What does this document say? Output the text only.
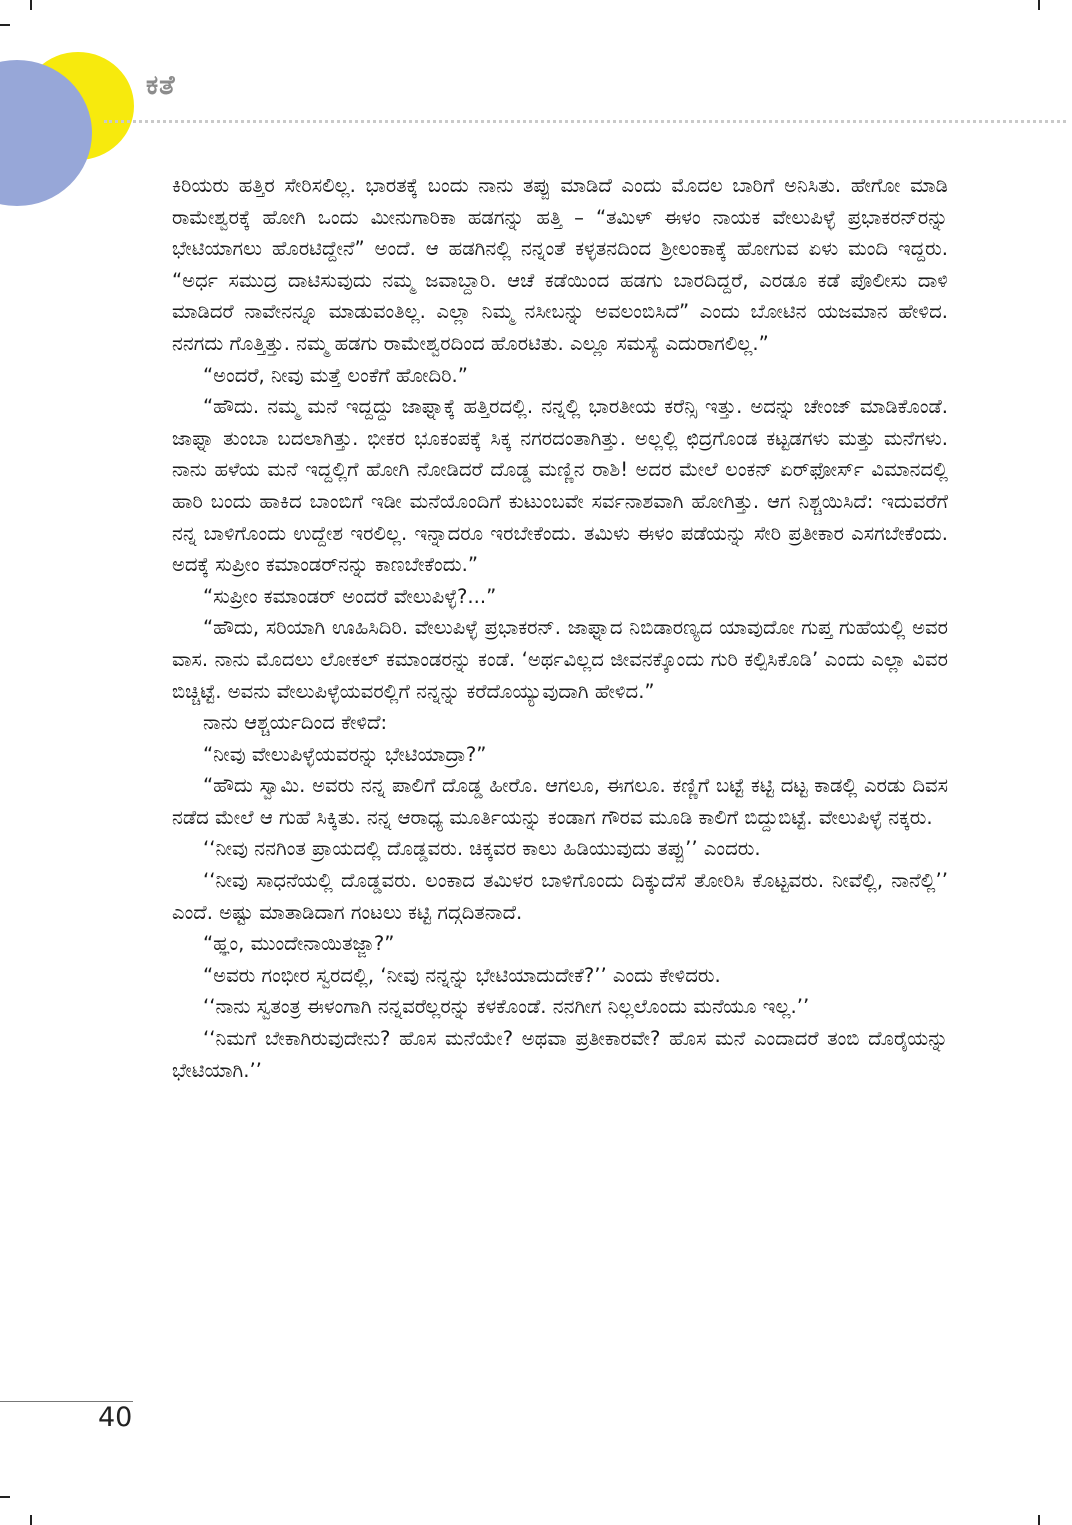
ಕತೆ

ಕಿರಿಯರು ಹತ್ತಿರ ಸೇರಿಸಲಿಲ್ಲ. ಭಾರತಕ್ಕೆ ಬಂದು ನಾನು ತಪ್ಪು ಮಾಡಿದೆ ಎಂದು ಮೊದಲ ಬಾರಿಗೆ ಅನಿಸಿತು. ಹೇಗೋ ಮಾಡಿ ರಾಮೇಶ್ವರಕ್ಕೆ ಹೋಗಿ ಒಂದು ಮೀನುಗಾರಿಕಾ ಹಡಗನ್ನು ಹತ್ತಿ – “ತಮಿಳ್ ಈಳಂ ನಾಯಕ ವೇಲುಪಿಳ್ಳೆ ಪ್ರಭಾಕರನ್‌ರನ್ನು ಭೇಟಿಯಾಗಲು ಹೊರಟಿದ್ದೇನೆ” ಅಂದೆ. ಆ ಹಡಗಿನಲ್ಲಿ ನನ್ನಂತೆ ಕಳ್ಳತನದಿಂದ ಶ್ರೀಲಂಕಾಕ್ಕೆ ಹೋಗುವ ಏಳು ಮಂದಿ ಇದ್ದರು. “ಅರ್ಧ ಸಮುದ್ರ ದಾಟಿಸುವುದು ನಮ್ಮ ಜವಾಬ್ದಾರಿ. ಆಚೆ ಕಡೆಯಿಂದ ಹಡಗು ಬಾರದಿದ್ದರೆ, ಎರಡೂ ಕಡೆ ಪೊಲೀಸು ದಾಳಿ ಮಾಡಿದರೆ ನಾವೇನನ್ನೂ ಮಾಡುವಂತಿಲ್ಲ. ಎಲ್ಲಾ ನಿಮ್ಮ ನಸೀಬನ್ನು ಅವಲಂಬಿಸಿದೆ” ಎಂದು ಬೋಟಿನ ಯಜಮಾನ ಹೇಳಿದ. ನನಗದು ಗೊತ್ತಿತ್ತು. ನಮ್ಮ ಹಡಗು ರಾಮೇಶ್ವರದಿಂದ ಹೊರಟಿತು. ಎಲ್ಲೂ ಸಮಸ್ಯೆ ಎದುರಾಗಲಿಲ್ಲ.”

“ಅಂದರೆ, ನೀವು ಮತ್ತೆ ಲಂಕೆಗೆ ಹೋದಿರಿ.”

“ಹೌದು. ನಮ್ಮ ಮನೆ ಇದ್ದದ್ದು ಜಾಫ್ನಾಕ್ಕೆ ಹತ್ತಿರದಲ್ಲಿ. ನನ್ನಲ್ಲಿ ಭಾರತೀಯ ಕರೆನ್ಸಿ ಇತ್ತು. ಅದನ್ನು ಚೇಂಜ್ ಮಾಡಿಕೊಂಡೆ. ಜಾಫ್ನಾ ತುಂಬಾ ಬದಲಾಗಿತ್ತು. ಭೀಕರ ಭೂಕಂಪಕ್ಕೆ ಸಿಕ್ಕ ನಗರದಂತಾಗಿತ್ತು. ಅಲ್ಲಲ್ಲಿ ಛಿದ್ರಗೊಂಡ ಕಟ್ಟಡಗಳು ಮತ್ತು ಮನೆಗಳು. ನಾನು ಹಳೆಯ ಮನೆ ಇದ್ದಲ್ಲಿಗೆ ಹೋಗಿ ನೋಡಿದರೆ ದೊಡ್ಡ ಮಣ್ಣಿನ ರಾಶಿ! ಅದರ ಮೇಲೆ ಲಂಕನ್ ಏರ್‌ಫೋರ್ಸ್ ವಿಮಾನದಲ್ಲಿ ಹಾರಿ ಬಂದು ಹಾಕಿದ ಬಾಂಬಿಗೆ ಇಡೀ ಮನೆಯೊಂದಿಗೆ ಕುಟುಂಬವೇ ಸರ್ವನಾಶವಾಗಿ ಹೋಗಿತ್ತು. ಆಗ ನಿಶ್ಚಯಿಸಿದೆ: ಇದುವರೆಗೆ ನನ್ನ ಬಾಳಿಗೊಂದು ಉದ್ದೇಶ ಇರಲಿಲ್ಲ. ಇನ್ನಾದರೂ ಇರಬೇಕೆಂದು. ತಮಿಳು ಈಳಂ ಪಡೆಯನ್ನು ಸೇರಿ ಪ್ರತೀಕಾರ ಎಸಗಬೇಕೆಂದು. ಅದಕ್ಕೆ ಸುಪ್ರೀಂ ಕಮಾಂಡರ್‌ನನ್ನು ಕಾಣಬೇಕೆಂದು.”

“ಸುಪ್ರೀಂ ಕಮಾಂಡರ್ ಅಂದರೆ ವೇಲುಪಿಳ್ಳೆ?...”

“ಹೌದು, ಸರಿಯಾಗಿ ಊಹಿಸಿದಿರಿ. ವೇಲುಪಿಳ್ಳೆ ಪ್ರಭಾಕರನ್. ಜಾಫ್ನಾದ ನಿಬಿಡಾರಣ್ಯದ ಯಾವುದೋ ಗುಪ್ತ ಗುಹೆಯಲ್ಲಿ ಅವರ ವಾಸ. ನಾನು ಮೊದಲು ಲೋಕಲ್ ಕಮಾಂಡರನ್ನು ಕಂಡೆ. ‘ಅರ್ಥವಿಲ್ಲದ ಜೀವನಕ್ಕೊಂದು ಗುರಿ ಕಲ್ಪಿಸಿಕೊಡಿ’ ಎಂದು ಎಲ್ಲಾ ವಿವರ ಬಿಚ್ಚಿಟ್ಟೆ. ಅವನು ವೇಲುಪಿಳ್ಳೆಯವರಲ್ಲಿಗೆ ನನ್ನನ್ನು ಕರೆದೊಯ್ಯುವುದಾಗಿ ಹೇಳಿದ.”

ನಾನು ಆಶ್ಚರ್ಯದಿಂದ ಕೇಳಿದೆ:

“ನೀವು ವೇಲುಪಿಳ್ಳೆಯವರನ್ನು ಭೇಟಿಯಾದ್ರಾ?”

“ಹೌದು ಸ್ವಾಮಿ. ಅವರು ನನ್ನ ಪಾಲಿಗೆ ದೊಡ್ಡ ಹೀರೊ. ಆಗಲೂ, ಈಗಲೂ. ಕಣ್ಣಿಗೆ ಬಟ್ಟೆ ಕಟ್ಟಿ ದಟ್ಟ ಕಾಡಲ್ಲಿ ಎರಡು ದಿವಸ ನಡೆದ ಮೇಲೆ ಆ ಗುಹೆ ಸಿಕ್ಕಿತು. ನನ್ನ ಆರಾಧ್ಯ ಮೂರ್ತಿಯನ್ನು ಕಂಡಾಗ ಗೌರವ ಮೂಡಿ ಕಾಲಿಗೆ ಬಿದ್ದುಬಿಟ್ಟೆ. ವೇಲುಪಿಳ್ಳೆ ನಕ್ಕರು.

‘‘ನೀವು ನನಗಿಂತ ಪ್ರಾಯದಲ್ಲಿ ದೊಡ್ಡವರು. ಚಿಕ್ಕವರ ಕಾಲು ಹಿಡಿಯುವುದು ತಪ್ಪು’’ ಎಂದರು.

‘‘ನೀವು ಸಾಧನೆಯಲ್ಲಿ ದೊಡ್ಡವರು. ಲಂಕಾದ ತಮಿಳರ ಬಾಳಿಗೊಂದು ದಿಕ್ಕುದೆಸೆ ತೋರಿಸಿ ಕೊಟ್ಟವರು. ನೀವೆಲ್ಲಿ, ನಾನೆಲ್ಲಿ’’ ಎಂದೆ. ಅಷ್ಟು ಮಾತಾಡಿದಾಗ ಗಂಟಲು ಕಟ್ಟಿ ಗದ್ಗದಿತನಾದೆ.

“ಹ್ಞಂ, ಮುಂದೇನಾಯಿತಜ್ಜಾ?”

“ಅವರು ಗಂಭೀರ ಸ್ವರದಲ್ಲಿ, ‘ನೀವು ನನ್ನನ್ನು ಭೇಟಿಯಾದುದೇಕೆ?’’ ಎಂದು ಕೇಳಿದರು.

‘‘ನಾನು ಸ್ವತಂತ್ರ ಈಳಂಗಾಗಿ ನನ್ನವರೆಲ್ಲರನ್ನು ಕಳಕೊಂಡೆ. ನನಗೀಗ ನಿಲ್ಲಲೊಂದು ಮನೆಯೂ ಇಲ್ಲ.’’

‘‘ನಿಮಗೆ ಬೇಕಾಗಿರುವುದೇನು? ಹೊಸ ಮನೆಯೇ? ಅಥವಾ ಪ್ರತೀಕಾರವೇ? ಹೊಸ ಮನೆ ಎಂದಾದರೆ ತಂಬಿ ದೊರೈಯನ್ನು ಭೇಟಿಯಾಗಿ.’’

40
